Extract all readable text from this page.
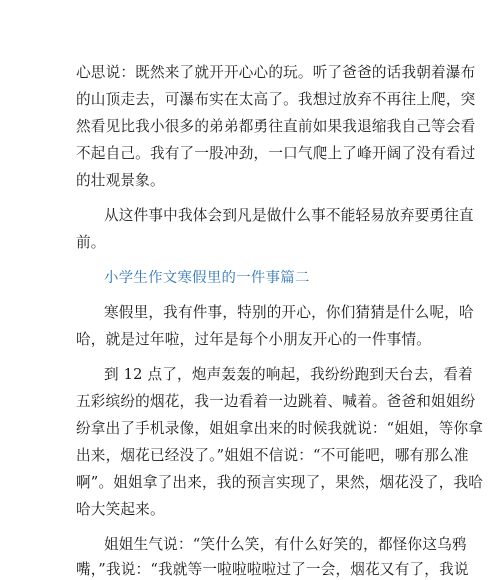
心思说：既然来了就开开心心的玩。听了爸爸的话我朝着瀑布
的山顶走去，可瀑布实在太高了。我想过放弃不再往上爬，突
然看见比我小很多的弟弟都勇往直前如果我退缩我自己等会看
不起自己。我有了一股冲劲，一口气爬上了峰开阔了没有看过
的壮观景象。
从这件事中我体会到凡是做什么事不能轻易放弃要勇往直
前。
小学生作文寒假里的一件事篇二
寒假里，我有件事，特别的开心，你们猜猜是什么呢，哈
哈，就是过年啦，过年是每个小朋友开心的一件事情。
到 12 点了，炮声轰轰的响起，我纷纷跑到天台去，看着
五彩缤纷的烟花，我一边看着一边跳着、喊着。爸爸和姐姐纷
纷拿出了手机录像，姐姐拿出来的时候我就说：“姐姐，等你拿
出来，烟花已经没了。”姐姐不信说：“不可能吧，哪有那么准
啊”。姐姐拿了出来，我的预言实现了，果然，烟花没了，我哈
哈大笑起来。
姐姐生气说：“笑什么笑，有什么好笑的，都怪你这乌鸦
嘴，”我说：“我就等一啦啦啦啦过了一会，烟花又有了，我说
